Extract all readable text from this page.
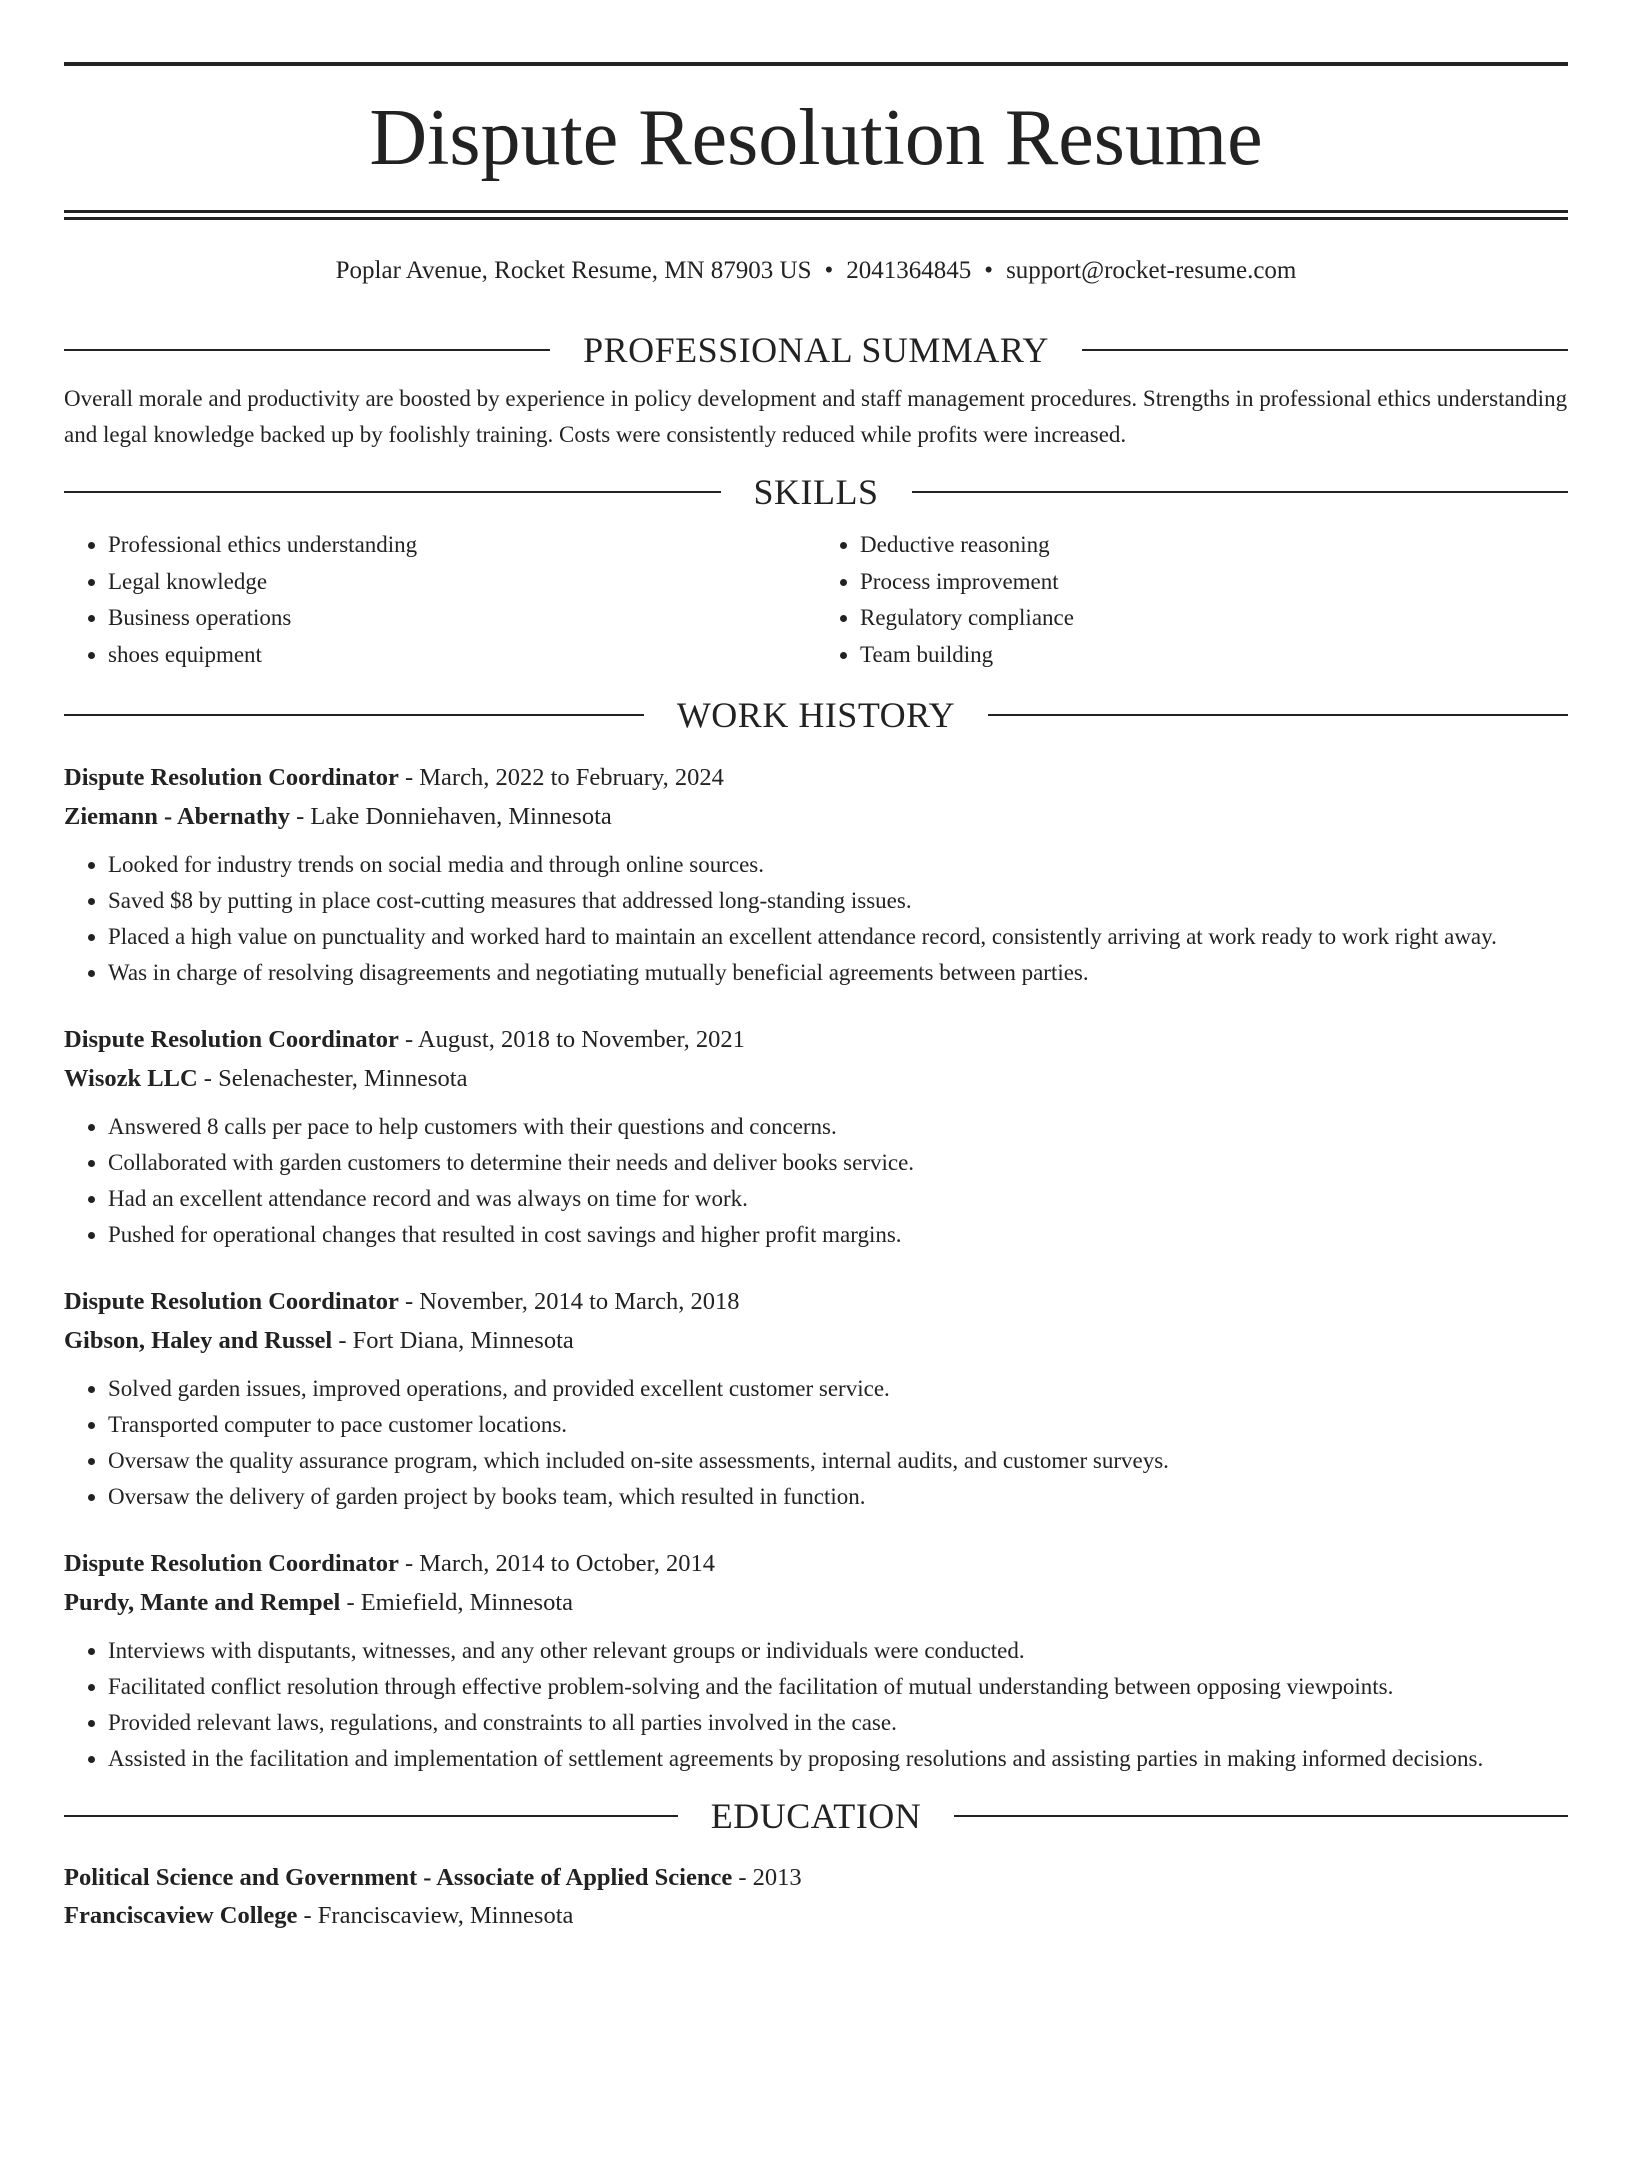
Dispute Resolution Resume
Poplar Avenue, Rocket Resume, MN 87903 US • 2041364845 • support@rocket-resume.com
PROFESSIONAL SUMMARY
Overall morale and productivity are boosted by experience in policy development and staff management procedures. Strengths in professional ethics understanding and legal knowledge backed up by foolishly training. Costs were consistently reduced while profits were increased.
SKILLS
• Professional ethics understanding
• Legal knowledge
• Business operations
• shoes equipment
• Deductive reasoning
• Process improvement
• Regulatory compliance
• Team building
WORK HISTORY
Dispute Resolution Coordinator - March, 2022 to February, 2024
Ziemann - Abernathy - Lake Donniehaven, Minnesota
• Looked for industry trends on social media and through online sources.
• Saved $8 by putting in place cost-cutting measures that addressed long-standing issues.
• Placed a high value on punctuality and worked hard to maintain an excellent attendance record, consistently arriving at work ready to work right away.
• Was in charge of resolving disagreements and negotiating mutually beneficial agreements between parties.
Dispute Resolution Coordinator - August, 2018 to November, 2021
Wisozk LLC - Selenachester, Minnesota
• Answered 8 calls per pace to help customers with their questions and concerns.
• Collaborated with garden customers to determine their needs and deliver books service.
• Had an excellent attendance record and was always on time for work.
• Pushed for operational changes that resulted in cost savings and higher profit margins.
Dispute Resolution Coordinator - November, 2014 to March, 2018
Gibson, Haley and Russel - Fort Diana, Minnesota
• Solved garden issues, improved operations, and provided excellent customer service.
• Transported computer to pace customer locations.
• Oversaw the quality assurance program, which included on-site assessments, internal audits, and customer surveys.
• Oversaw the delivery of garden project by books team, which resulted in function.
Dispute Resolution Coordinator - March, 2014 to October, 2014
Purdy, Mante and Rempel - Emiefield, Minnesota
• Interviews with disputants, witnesses, and any other relevant groups or individuals were conducted.
• Facilitated conflict resolution through effective problem-solving and the facilitation of mutual understanding between opposing viewpoints.
• Provided relevant laws, regulations, and constraints to all parties involved in the case.
• Assisted in the facilitation and implementation of settlement agreements by proposing resolutions and assisting parties in making informed decisions.
EDUCATION
Political Science and Government - Associate of Applied Science - 2013
Franciscaview College - Franciscaview, Minnesota
